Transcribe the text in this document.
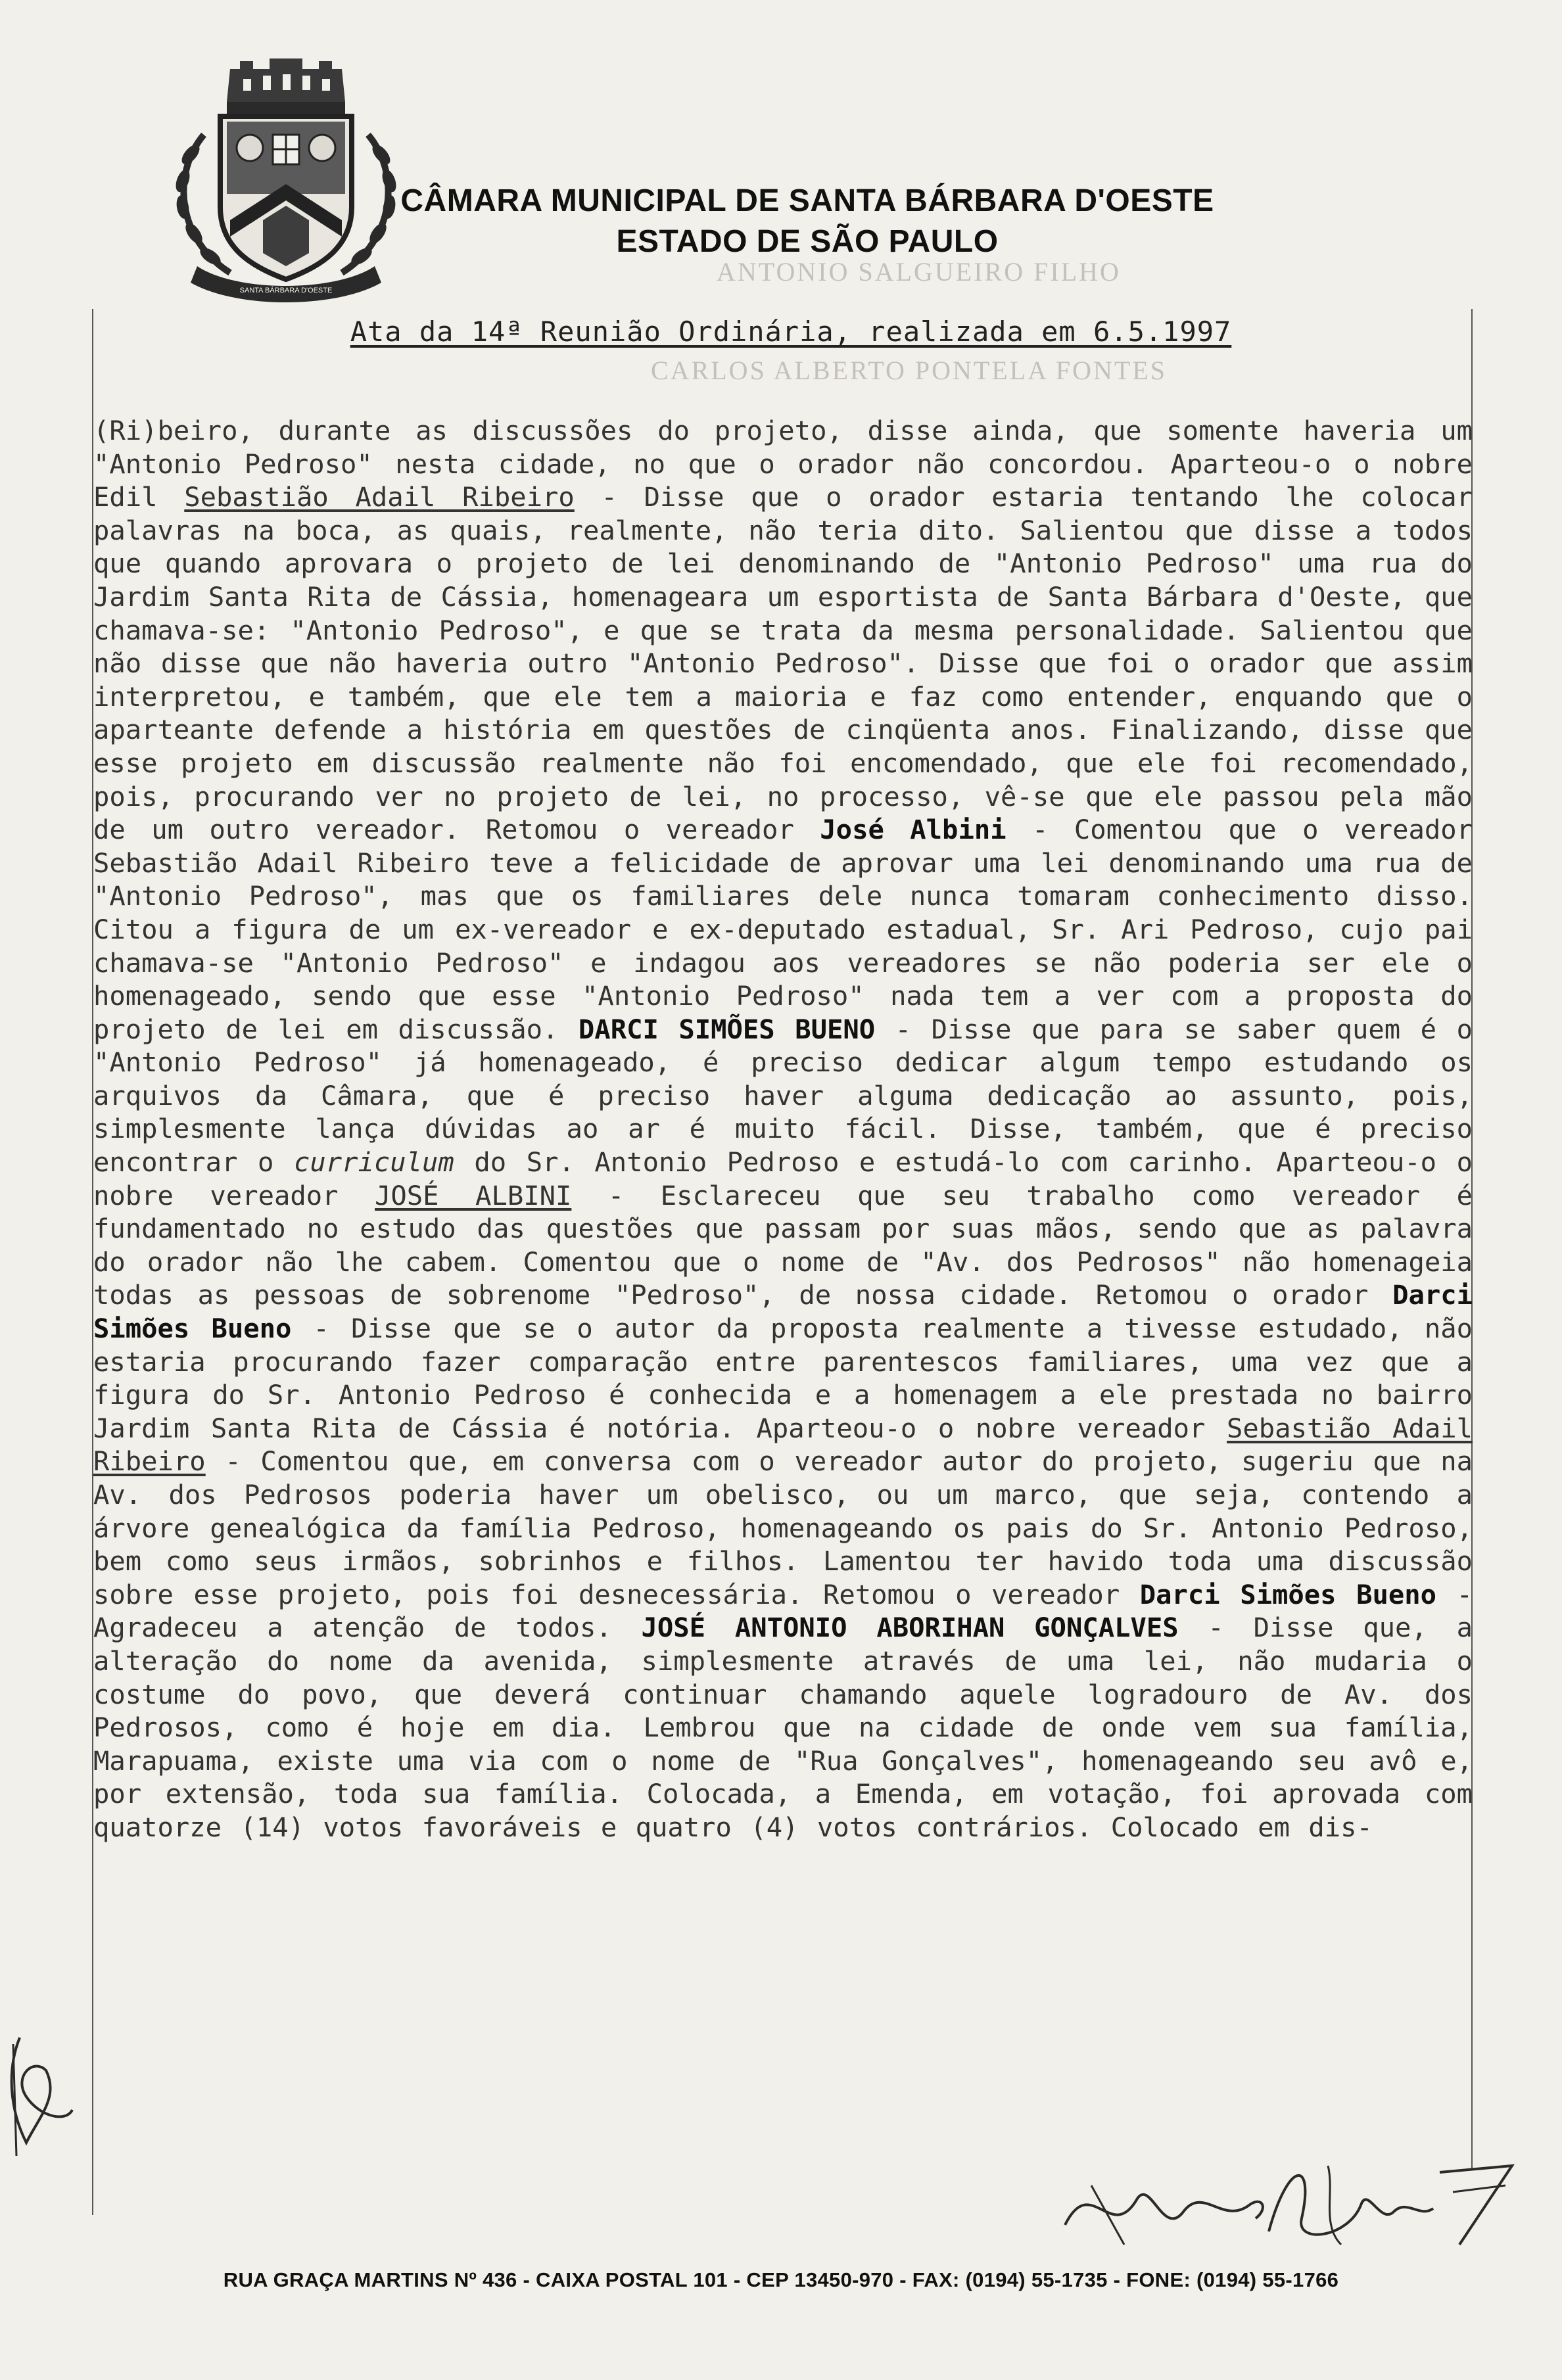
SANTA BÁRBARA D'OESTE
ANTONIO SALGUEIRO FILHO
CARLOS ALBERTO PONTELA FONTES
CÂMARA MUNICIPAL DE SANTA BÁRBARA D'OESTE
ESTADO DE SÃO PAULO
Ata da 14ª Reunião Ordinária, realizada em 6.5.1997

(Ri)beiro, durante as discussões do projeto, disse ainda, que somente haveria um "Antonio Pedroso" nesta cidade, no que o orador não concordou. Aparteou-o o nobre Edil Sebastião Adail Ribeiro - Disse que o orador estaria tentando lhe colocar palavras na boca, as quais, realmente, não teria dito. Salientou que disse a todos que quando aprovara o projeto de lei denominando de "Antonio Pedroso" uma rua do Jardim Santa Rita de Cássia, homenageara um esportista de Santa Bárbara d'Oeste, que chamava-se: "Antonio Pedroso", e que se trata da mesma personalidade. Salientou que não disse que não haveria outro "Antonio Pedroso". Disse que foi o orador que assim interpretou, e também, que ele tem a maioria e faz como entender, enquando que o aparteante defende a história em questões de cinqüenta anos. Finalizando, disse que esse projeto em discussão realmente não foi encomendado, que ele foi recomendado, pois, procurando ver no projeto de lei, no processo, vê-se que ele passou pela mão de um outro vereador. Retomou o vereador José Albini - Comentou que o vereador Sebastião Adail Ribeiro teve a felicidade de aprovar uma lei denominando uma rua de "Antonio Pedroso", mas que os familiares dele nunca tomaram conhecimento disso. Citou a figura de um ex-vereador e ex-deputado estadual, Sr. Ari Pedroso, cujo pai chamava-se "Antonio Pedroso" e indagou aos vereadores se não poderia ser ele o homenageado, sendo que esse "Antonio Pedroso" nada tem a ver com a proposta do projeto de lei em discussão. DARCI SIMÕES BUENO - Disse que para se saber quem é o "Antonio Pedroso" já homenageado, é preciso dedicar algum tempo estudando os arquivos da Câmara, que é preciso haver alguma dedicação ao assunto, pois, simplesmente lança dúvidas ao ar é muito fácil. Disse, também, que é preciso encontrar o curriculum do Sr. Antonio Pedroso e estudá-lo com carinho. Aparteou-o o nobre vereador JOSÉ ALBINI - Esclareceu que seu trabalho como vereador é fundamentado no estudo das questões que passam por suas mãos, sendo que as palavra do orador não lhe cabem. Comentou que o nome de "Av. dos Pedrosos" não homenageia todas as pessoas de sobrenome "Pedroso", de nossa cidade. Retomou o orador Darci Simões Bueno - Disse que se o autor da proposta realmente a tivesse estudado, não estaria procurando fazer comparação entre parentescos familiares, uma vez que a figura do Sr. Antonio Pedroso é conhecida e a homenagem a ele prestada no bairro Jardim Santa Rita de Cássia é notória. Aparteou-o o nobre vereador Sebastião Adail Ribeiro - Comentou que, em conversa com o vereador autor do projeto, sugeriu que na Av. dos Pedrosos poderia haver um obelisco, ou um marco, que seja, contendo a árvore genealógica da família Pedroso, homenageando os pais do Sr. Antonio Pedroso, bem como seus irmãos, sobrinhos e filhos. Lamentou ter havido toda uma discussão sobre esse projeto, pois foi desnecessária. Retomou o vereador Darci Simões Bueno - Agradeceu a atenção de todos. JOSÉ ANTONIO ABORIHAN GONÇALVES - Disse que, a alteração do nome da avenida, simplesmente através de uma lei, não mudaria o costume do povo, que deverá continuar chamando aquele logradouro de Av. dos Pedrosos, como é hoje em dia. Lembrou que na cidade de onde vem sua família, Marapuama, existe uma via com o nome de "Rua Gonçalves", homenageando seu avô e, por extensão, toda sua família. Colocada, a Emenda, em votação, foi aprovada com quatorze (14) votos favoráveis e quatro (4) votos contrários. Colocado em dis-

RUA GRAÇA MARTINS Nº 436 - CAIXA POSTAL 101 - CEP 13450-970 - FAX: (0194) 55-1735 - FONE: (0194) 55-1766
